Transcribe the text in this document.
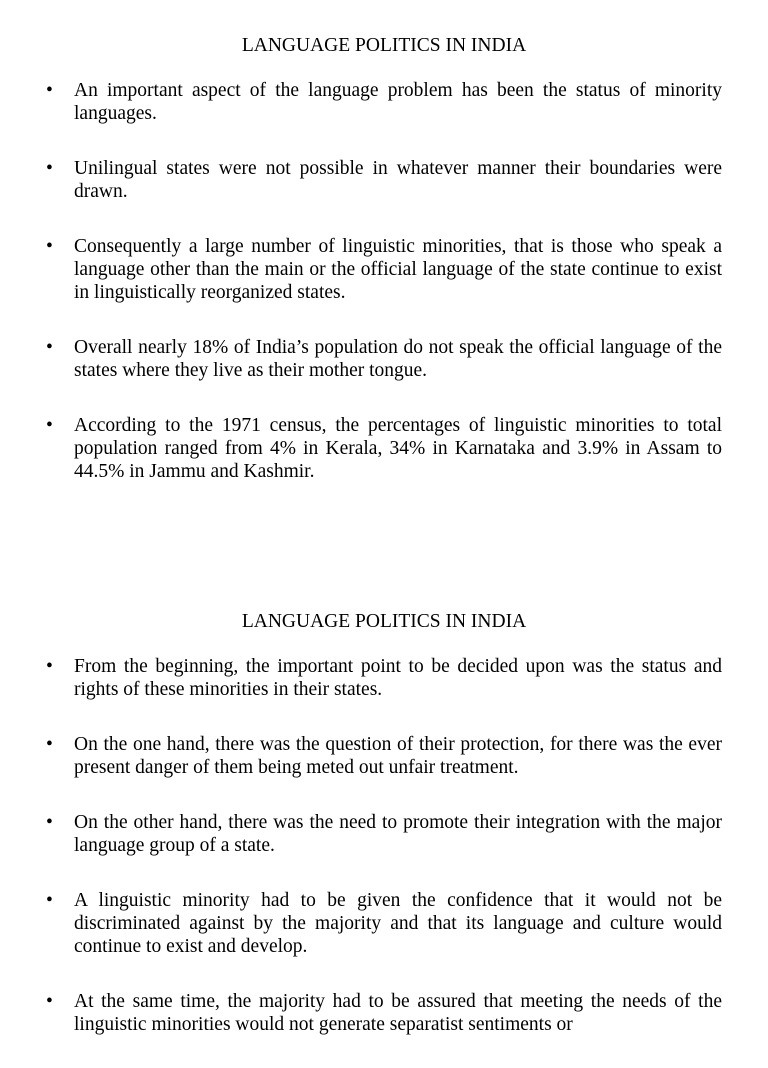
LANGUAGE POLITICS IN INDIA
• An important aspect of the language problem has been the status of minority languages.
• Unilingual states were not possible in whatever manner their boundaries were drawn.
• Consequently a large number of linguistic minorities, that is those who speak a language other than the main or the official language of the state continue to exist in linguistically reorganized states.
• Overall nearly 18% of India’s population do not speak the official language of the states where they live as their mother tongue.
• According to the 1971 census, the percentages of linguistic minorities to total population ranged from 4% in Kerala, 34% in Karnataka and 3.9% in Assam to 44.5% in Jammu and Kashmir.
LANGUAGE POLITICS IN INDIA
• From the beginning, the important point to be decided upon was the status and rights of these minorities in their states.
• On the one hand, there was the question of their protection, for there was the ever present danger of them being meted out unfair treatment.
• On the other hand, there was the need to promote their integration with the major language group of a state.
• A linguistic minority had to be given the confidence that it would not be discriminated against by the majority and that its language and culture would continue to exist and develop.
• At the same time, the majority had to be assured that meeting the needs of the linguistic minorities would not generate separatist sentiments or
